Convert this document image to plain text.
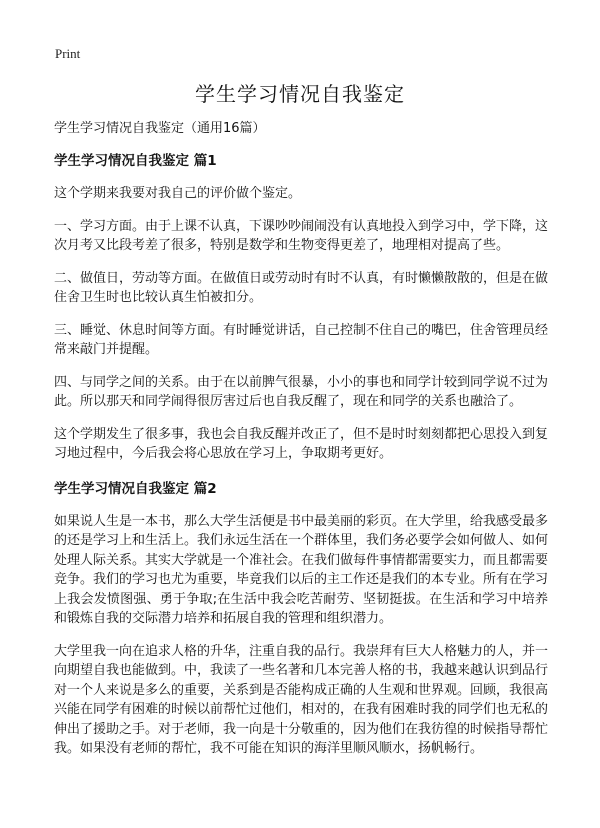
Print
学生学习情况自我鉴定

学生学习情况自我鉴定（通用16篇）

学生学习情况自我鉴定 篇1

这个学期来我要对我自己的评价做个鉴定。

一、学习方面。由于上课不认真，下课吵吵闹闹没有认真地投入到学习中，学下降，这次月考又比段考差了很多，特别是数学和生物变得更差了，地理相对提高了些。

二、做值日，劳动等方面。在做值日或劳动时有时不认真，有时懒懒散散的，但是在做住舍卫生时也比较认真生怕被扣分。

三、睡觉、休息时间等方面。有时睡觉讲话，自己控制不住自己的嘴巴，住舍管理员经常来敲门并提醒。

四、与同学之间的关系。由于在以前脾气很暴，小小的事也和同学计较到同学说不过为此。所以那天和同学闹得很厉害过后也自我反醒了，现在和同学的关系也融洽了。

这个学期发生了很多事，我也会自我反醒并改正了，但不是时时刻刻都把心思投入到复习地过程中，今后我会将心思放在学习上，争取期考更好。

学生学习情况自我鉴定 篇2

如果说人生是一本书，那么大学生活便是书中最美丽的彩页。在大学里，给我感受最多的还是学习上和生活上。我们永远生活在一个群体里，我们务必要学会如何做人、如何处理人际关系。其实大学就是一个准社会。在我们做每件事情都需要实力，而且都需要竞争。我们的学习也尤为重要，毕竟我们以后的主工作还是我们的本专业。所有在学习上我会发愤图强、勇于争取;在生活中我会吃苦耐劳、坚韧挺拔。在生活和学习中培养和锻炼自我的交际潜力培养和拓展自我的管理和组织潜力。

大学里我一向在追求人格的升华，注重自我的品行。我崇拜有巨大人格魅力的人，并一向期望自我也能做到。中，我读了一些名著和几本完善人格的书，我越来越认识到品行对一个人来说是多么的重要，关系到是否能构成正确的人生观和世界观。回顾，我很高兴能在同学有困难的时候以前帮忙过他们，相对的，在我有困难时我的同学们也无私的伸出了援助之手。对于老师，我一向是十分敬重的，因为他们在我彷徨的时候指导帮忙我。如果没有老师的帮忙，我不可能在知识的海洋里顺风顺水，扬帆畅行。
